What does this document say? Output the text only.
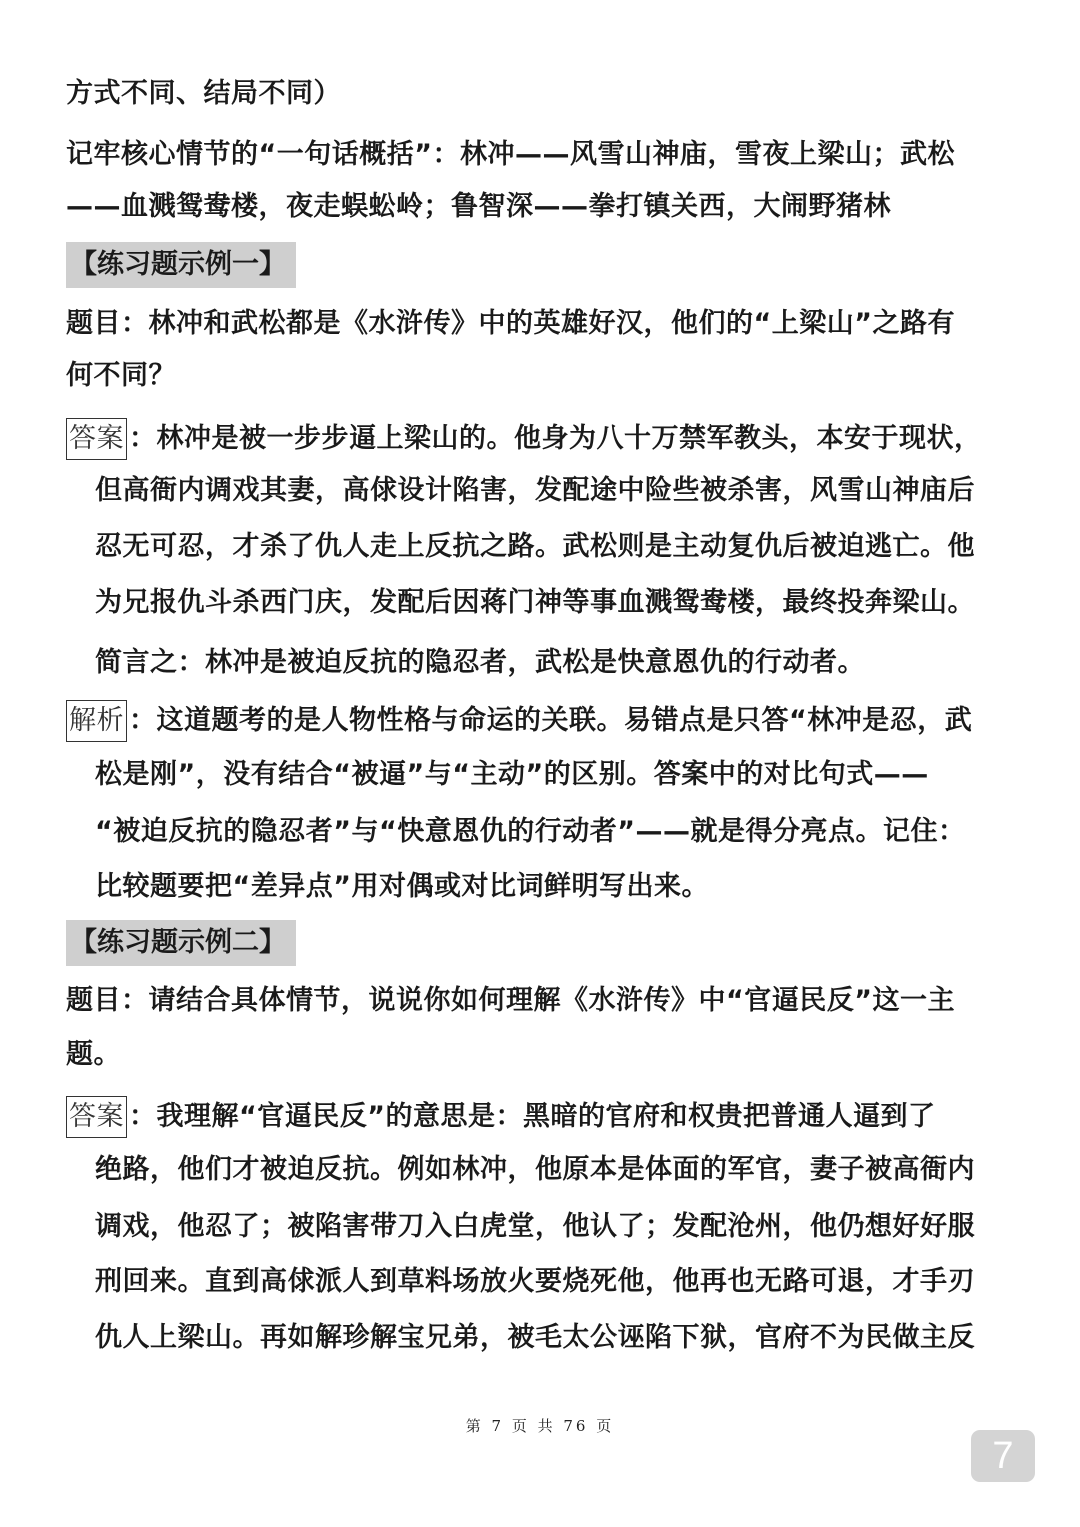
方式不同、结局不同）
记牢核心情节的“一句话概括”：林冲——风雪山神庙，雪夜上梁山；武松
——血溅鸳鸯楼，夜走蜈蚣岭；鲁智深——拳打镇关西，大闹野猪林
【练习题示例一】
题目：林冲和武松都是《水浒传》中的英雄好汉，他们的“上梁山”之路有
何不同？
答案 ：林冲是被一步步逼上梁山的。他身为八十万禁军教头，本安于现状，
但高衙内调戏其妻，高俅设计陷害，发配途中险些被杀害，风雪山神庙后
忍无可忍，才杀了仇人走上反抗之路。武松则是主动复仇后被迫逃亡。他
为兄报仇斗杀西门庆，发配后因蒋门神等事血溅鸳鸯楼，最终投奔梁山。
简言之：林冲是被迫反抗的隐忍者，武松是快意恩仇的行动者。
解析 ：这道题考的是人物性格与命运的关联。易错点是只答“林冲是忍，武
松是刚”，没有结合“被逼”与“主动”的区别。答案中的对比句式——
“被迫反抗的隐忍者”与“快意恩仇的行动者”——就是得分亮点。记住：
比较题要把“差异点”用对偶或对比词鲜明写出来。
【练习题示例二】
题目：请结合具体情节，说说你如何理解《水浒传》中“官逼民反”这一主
题。
答案 ：我理解“官逼民反”的意思是：黑暗的官府和权贵把普通人逼到了
绝路，他们才被迫反抗。例如林冲，他原本是体面的军官，妻子被高衙内
调戏，他忍了；被陷害带刀入白虎堂，他认了；发配沧州，他仍想好好服
刑回来。直到高俅派人到草料场放火要烧死他，他再也无路可退，才手刃
仇人上梁山。再如解珍解宝兄弟，被毛太公诬陷下狱，官府不为民做主反
第 7 页 共 76 页
7
